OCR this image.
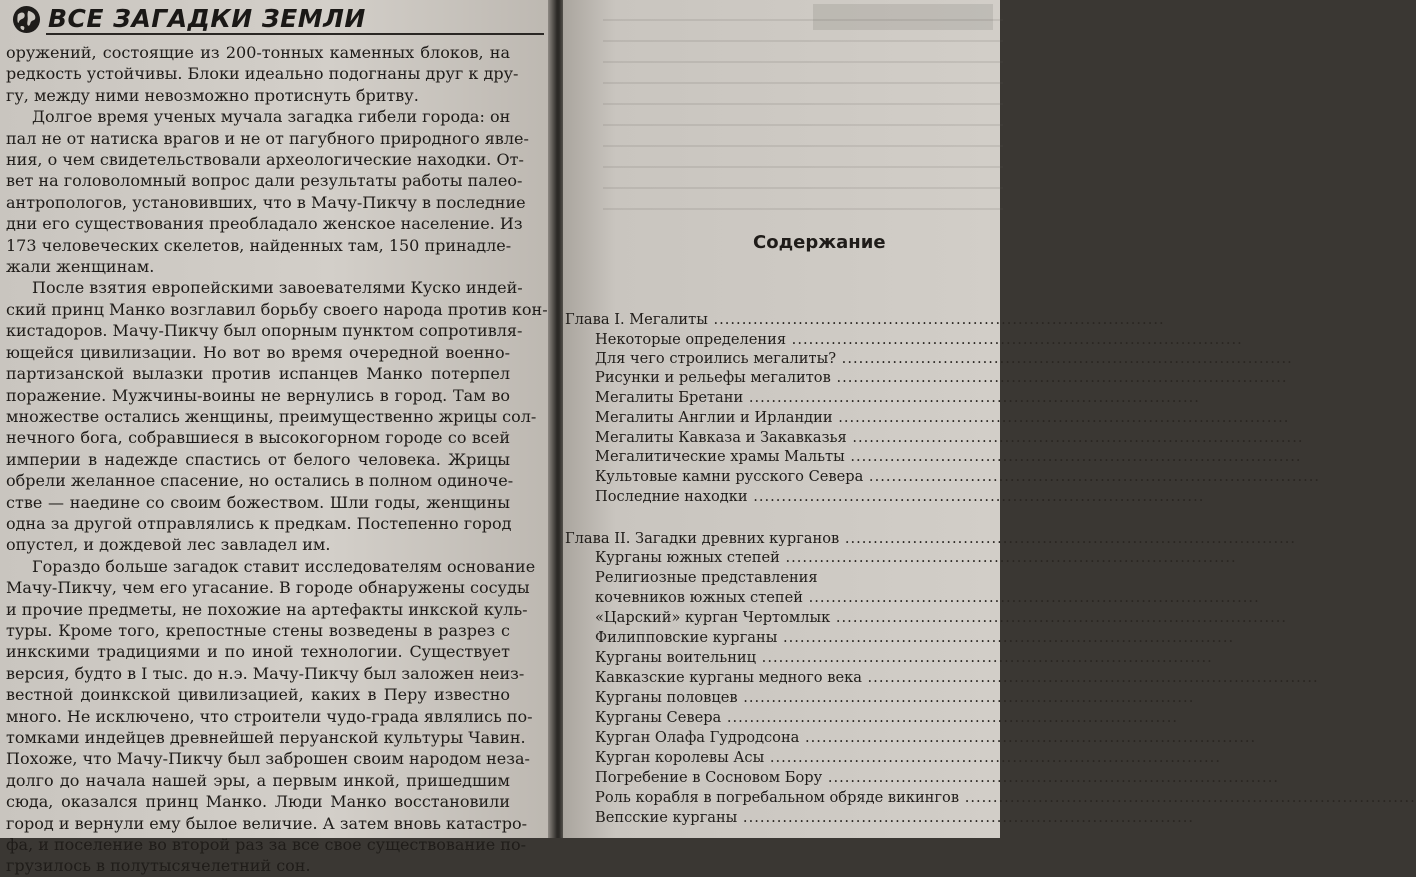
ВСЕ ЗАГАДКИ ЗЕМЛИ
оружений, состоящие из 200-тонных каменных блоков, на
редкость устойчивы. Блоки идеально подогнаны друг к дру-
гу, между ними невозможно протиснуть бритву.
Долгое время ученых мучала загадка гибели города: он
пал не от натиска врагов и не от пагубного природного явле-
ния, о чем свидетельствовали археологические находки. От-
вет на головоломный вопрос дали результаты работы палео-
антропологов, установивших, что в Мачу-Пикчу в последние
дни его существования преобладало женское население. Из
173 человеческих скелетов, найденных там, 150 принадле-
жали женщинам.
После взятия европейскими завоевателями Куско индей-
ский принц Манко возглавил борьбу своего народа против кон-
кистадоров. Мачу-Пикчу был опорным пунктом сопротивля-
ющейся цивилизации. Но вот во время очередной военно-
партизанской вылазки против испанцев Манко потерпел
поражение. Мужчины-воины не вернулись в город. Там во
множестве остались женщины, преимущественно жрицы сол-
нечного бога, собравшиеся в высокогорном городе со всей
империи в надежде спастись от белого человека. Жрицы
обрели желанное спасение, но остались в полном одиноче-
стве — наедине со своим божеством. Шли годы, женщины
одна за другой отправлялись к предкам. Постепенно город
опустел, и дождевой лес завладел им.
Гораздо больше загадок ставит исследователям основание
Мачу-Пикчу, чем его угасание. В городе обнаружены сосуды
и прочие предметы, не похожие на артефакты инкской куль-
туры. Кроме того, крепостные стены возведены в разрез с
инкскими традициями и по иной технологии. Существует
версия, будто в I тыс. до н.э. Мачу-Пикчу был заложен неиз-
вестной доинкской цивилизацией, каких в Перу известно
много. Не исключено, что строители чудо-града являлись по-
томками индейцев древнейшей перуанской культуры Чавин.
Похоже, что Мачу-Пикчу был заброшен своим народом неза-
долго до начала нашей эры, а первым инкой, пришедшим
сюда, оказался принц Манко. Люди Манко восстановили
город и вернули ему былое величие. А затем вновь катастро-
фа, и поселение во второй раз за все свое существование по-
грузилось в полутысячелетний сон.
Содержание
Глава I. Мегалиты ................................................................................
Некоторые определения ................................................................................
Для чего строились мегалиты? ................................................................................
Рисунки и рельефы мегалитов ................................................................................
Мегалиты Бретани ................................................................................
Мегалиты Англии и Ирландии ................................................................................
Мегалиты Кавказа и Закавказья ................................................................................
Мегалитические храмы Мальты ................................................................................
Культовые камни русского Севера ................................................................................
Последние находки ................................................................................
Глава II. Загадки древних курганов ................................................................................
Курганы южных степей ................................................................................
Религиозные представления
кочевников южных степей ................................................................................
«Царский» курган Чертомлык ................................................................................
Филипповские курганы ................................................................................
Курганы воительниц ................................................................................
Кавказские курганы медного века ................................................................................
Курганы половцев ................................................................................
Курганы Севера ................................................................................
Курган Олафа Гудродсона ................................................................................
Курган королевы Асы ................................................................................
Погребение в Сосновом Бору ................................................................................
Роль корабля в погребальном обряде викингов ................................................................................
Вепсские курганы ................................................................................
